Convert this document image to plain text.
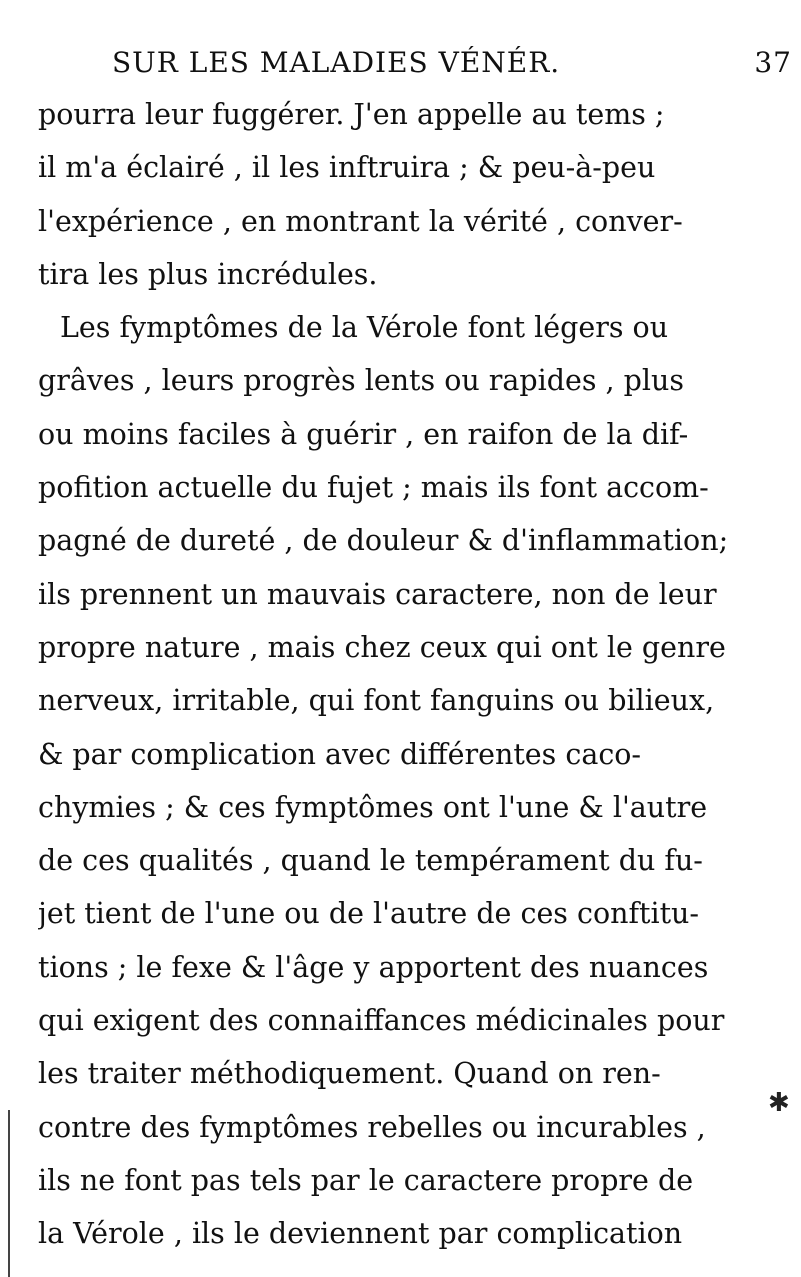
SUR LES MALADIES VÉNÉR.	37
pourra leur fuggérer. J'en appelle au tems ;
il m'a éclairé , il les inftruira ; & peu-à-peu
l'expérience , en montrant la vérité , conver-
tira les plus incrédules.
Les fymptômes de la Vérole font légers ou
grâves , leurs progrès lents ou rapides , plus
ou moins faciles à guérir , en raifon de la dif-
pofition actuelle du fujet ; mais ils font accom-
pagné de dureté , de douleur & d'inflammation;
ils prennent un mauvais caractere, non de leur
propre nature , mais chez ceux qui ont le genre
nerveux, irritable, qui font fanguins ou bilieux,
& par complication avec différentes caco-
chymies ; & ces fymptômes ont l'une & l'autre
de ces qualités , quand le tempérament du fu-
jet tient de l'une ou de l'autre de ces conftitu-
tions ; le fexe & l'âge y apportent des nuances
qui exigent des connaiffances médicinales pour
les traiter méthodiquement. Quand on ren-
contre des fymptômes rebelles ou incurables ,
ils ne font pas tels par le caractere propre de
la Vérole , ils le deviennent par complication
✱
